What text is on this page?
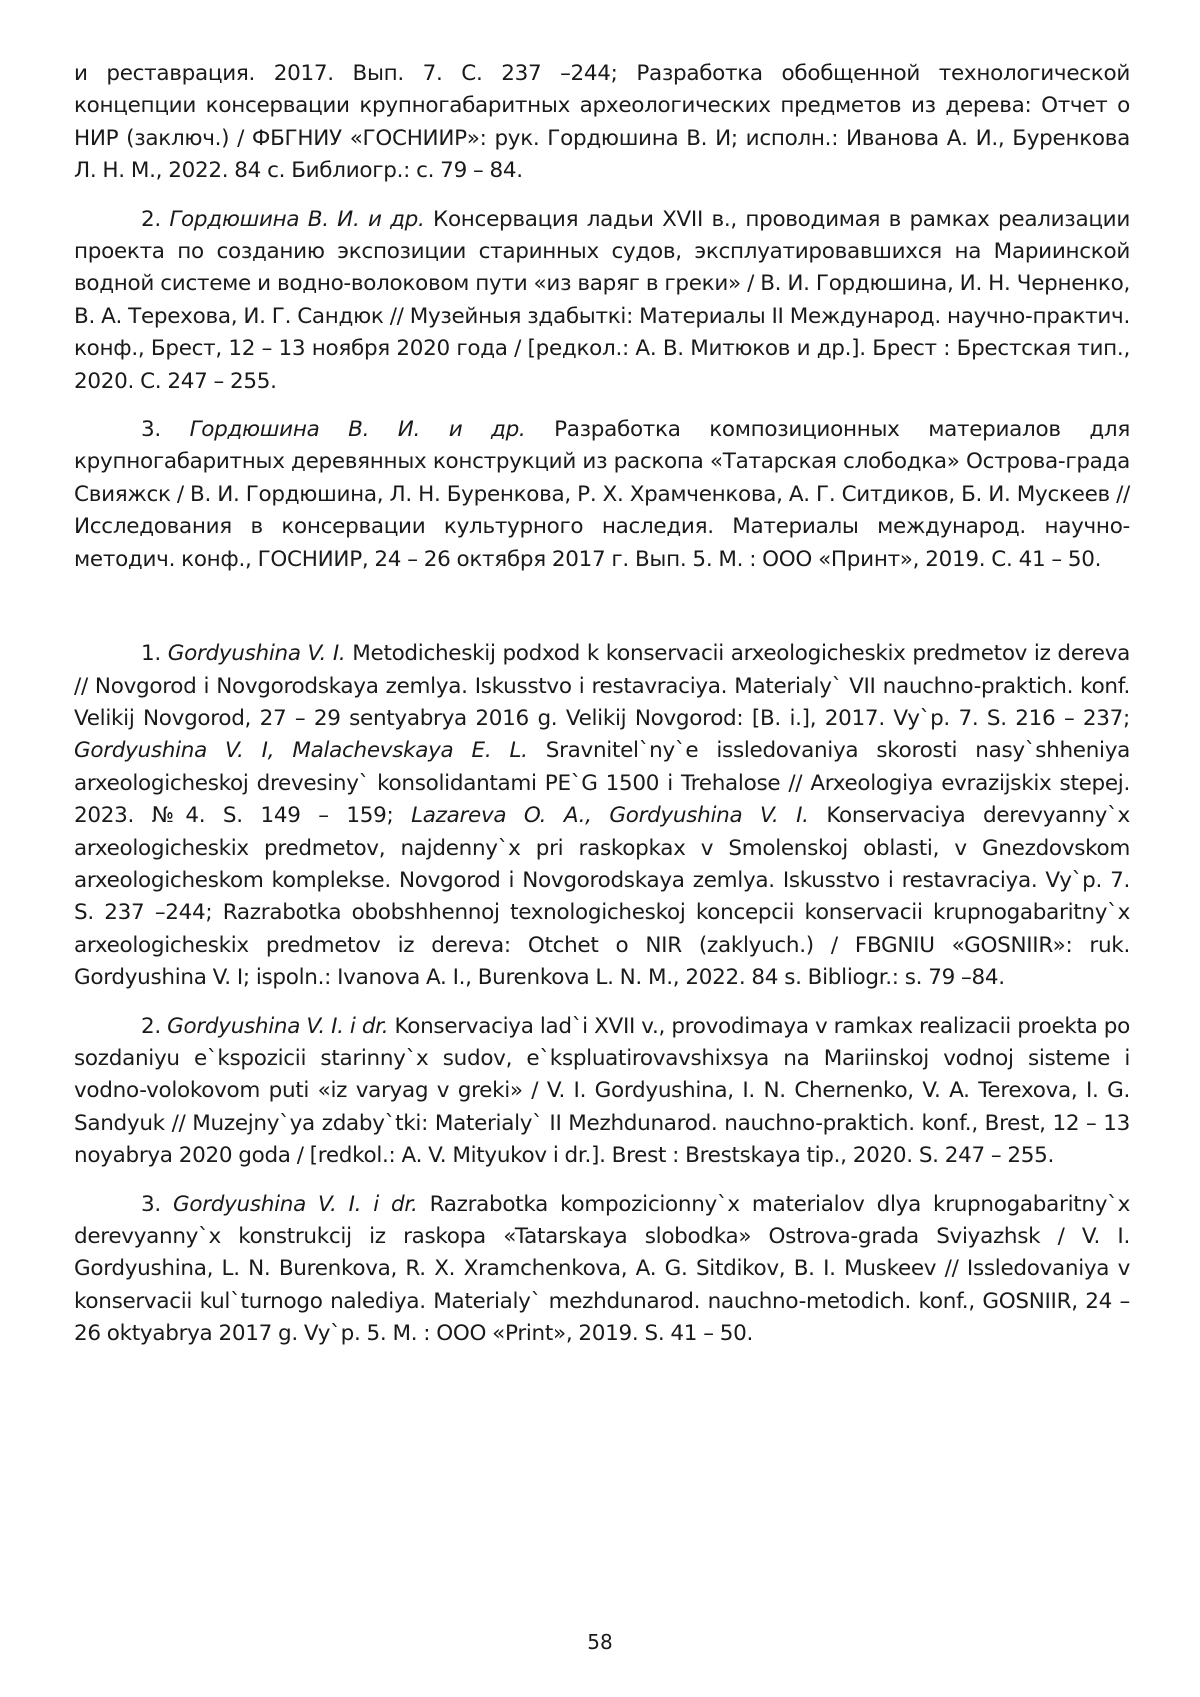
и реставрация. 2017. Вып. 7. С. 237 –244; Разработка обобщенной технологической концепции консервации крупногабаритных археологических предметов из дерева: Отчет о НИР (заключ.) / ФБГНИУ «ГОСНИИР»: рук. Гордюшина В. И; исполн.: Иванова А. И., Буренкова Л. Н. М., 2022. 84 с. Библиогр.: с. 79 – 84.

2. Гордюшина В. И. и др. Консервация ладьи XVII в., проводимая в рамках реализации проекта по созданию экспозиции старинных судов, эксплуатировавшихся на Мариинской водной системе и водно-волоковом пути «из варяг в греки» / В. И. Гордюшина, И. Н. Черненко, В. А. Терехова, И. Г. Сандюк // Музейныя здабыткі: Материалы II Международ. научно-практич. конф., Брест, 12 – 13 ноября 2020 года / [редкол.: А. В. Митюков и др.]. Брест : Брестская тип., 2020. С. 247 – 255.

3. Гордюшина В. И. и др. Разработка композиционных материалов для крупногабаритных деревянных конструкций из раскопа «Татарская слободка» Острова-града Свияжск / В. И. Гордюшина, Л. Н. Буренкова, Р. Х. Храмченкова, А. Г. Ситдиков, Б. И. Мускеев // Исследования в консервации культурного наследия. Материалы международ. научно-методич. конф., ГОСНИИР, 24 – 26 октября 2017 г. Вып. 5. М. : ООО «Принт», 2019. С. 41 – 50.

1. Gordyushina V. I. Metodicheskij podxod k konservacii arxeologicheskix predmetov iz dereva // Novgorod i Novgorodskaya zemlya. Iskusstvo i restavraciya. Materialy` VII nauchno-praktich. konf. Velikij Novgorod, 27 – 29 sentyabrya 2016 g. Velikij Novgorod: [B. i.], 2017. Vy`p. 7. S. 216 – 237; Gordyushina V. I, Malachevskaya E. L. Sravnitel`ny`e issledovaniya skorosti nasy`shheniya arxeologicheskoj drevesiny` konsolidantami PE`G 1500 i Trehalose // Arxeologiya evrazijskix stepej. 2023. №4. S. 149 – 159; Lazareva O. A., Gordyushina V. I. Konservaciya derevyanny`x arxeologicheskix predmetov, najdenny`x pri raskopkax v Smolenskoj oblasti, v Gnezdovskom arxeologicheskom komplekse. Novgorod i Novgorodskaya zemlya. Iskusstvo i restavraciya. Vy`p. 7. S. 237 –244; Razrabotka obobshhennoj texnologicheskoj koncepcii konservacii krupnogabaritny`x arxeologicheskix predmetov iz dereva: Otchet o NIR (zaklyuch.) / FBGNIU «GOSNIIR»: ruk. Gordyushina V. I; ispoln.: Ivanova A. I., Burenkova L. N. M., 2022. 84 s. Bibliogr.: s. 79 –84.

2. Gordyushina V. I. i dr. Konservaciya lad`i XVII v., provodimaya v ramkax realizacii proekta po sozdaniyu e`kspozicii starinny`x sudov, e`kspluatirovavshixsya na Mariinskoj vodnoj sisteme i vodno-volokovom puti «iz varyag v greki» / V. I. Gordyushina, I. N. Chernenko, V. A. Terexova, I. G. Sandyuk // Muzejny`ya zdaby`tki: Materialy` II Mezhdunarod. nauchno-praktich. konf., Brest, 12 – 13 noyabrya 2020 goda / [redkol.: A. V. Mityukov i dr.]. Brest : Brestskaya tip., 2020. S. 247 – 255.

3. Gordyushina V. I. i dr. Razrabotka kompozicionny`x materialov dlya krupnogabaritny`x derevyanny`x konstrukcij iz raskopa «Tatarskaya slobodka» Ostrova-grada Sviyazhsk / V. I. Gordyushina, L. N. Burenkova, R. X. Xramchenkova, A. G. Sitdikov, B. I. Muskeev // Issledovaniya v konservacii kul`turnogo nalediya. Materialy` mezhdunarod. nauchno-metodich. konf., GOSNIIR, 24 – 26 oktyabrya 2017 g. Vy`p. 5. M. : OOO «Print», 2019. S. 41 – 50.

58
